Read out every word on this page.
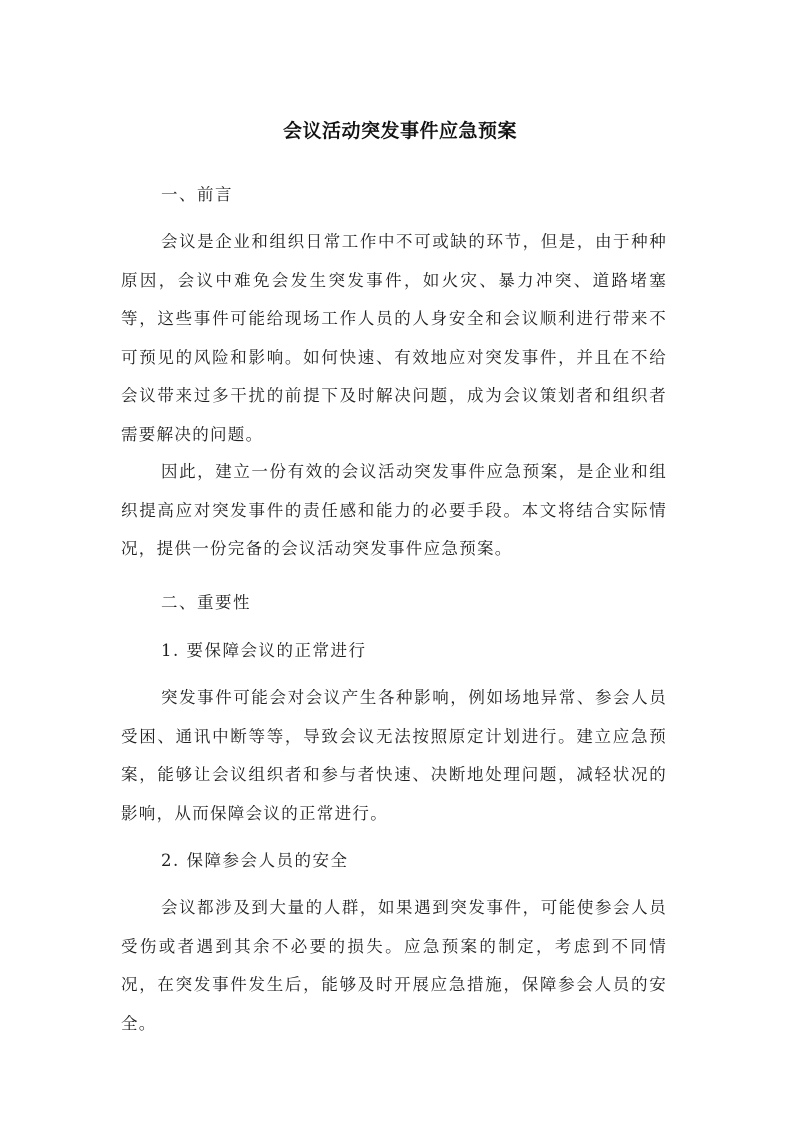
会议活动突发事件应急预案
一、前言

会议是企业和组织日常工作中不可或缺的环节，但是，由于种种原因，会议中难免会发生突发事件，如火灾、暴力冲突、道路堵塞等，这些事件可能给现场工作人员的人身安全和会议顺利进行带来不可预见的风险和影响。如何快速、有效地应对突发事件，并且在不给会议带来过多干扰的前提下及时解决问题，成为会议策划者和组织者需要解决的问题。

因此，建立一份有效的会议活动突发事件应急预案，是企业和组织提高应对突发事件的责任感和能力的必要手段。本文将结合实际情况，提供一份完备的会议活动突发事件应急预案。

二、重要性
1. 要保障会议的正常进行

突发事件可能会对会议产生各种影响，例如场地异常、参会人员受困、通讯中断等等，导致会议无法按照原定计划进行。建立应急预案，能够让会议组织者和参与者快速、决断地处理问题，减轻状况的影响，从而保障会议的正常进行。

2. 保障参会人员的安全

会议都涉及到大量的人群，如果遇到突发事件，可能使参会人员受伤或者遇到其余不必要的损失。应急预案的制定，考虑到不同情况，在突发事件发生后，能够及时开展应急措施，保障参会人员的安全。
